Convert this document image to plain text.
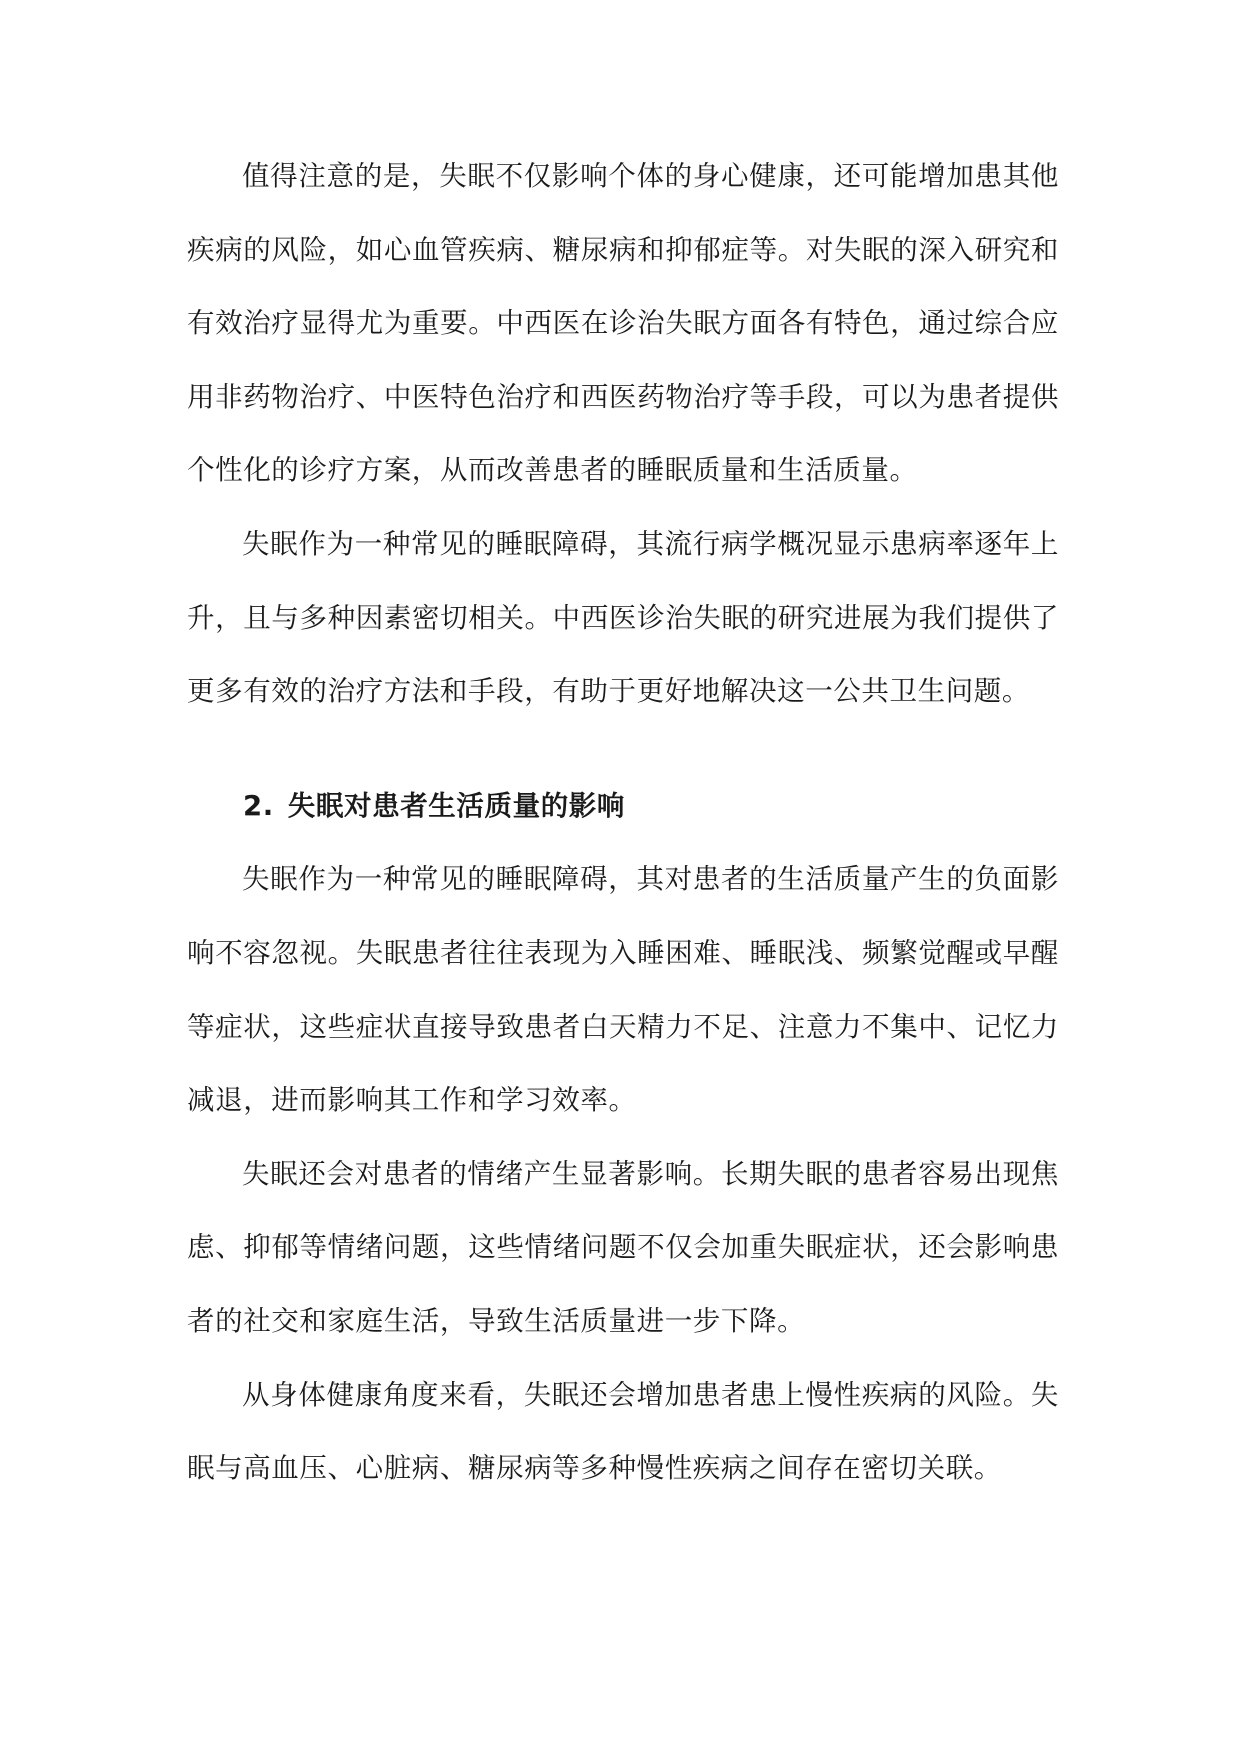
值得注意的是，失眠不仅影响个体的身心健康，还可能增加患其他疾病的风险，如心血管疾病、糖尿病和抑郁症等。对失眠的深入研究和有效治疗显得尤为重要。中西医在诊治失眠方面各有特色，通过综合应用非药物治疗、中医特色治疗和西医药物治疗等手段，可以为患者提供个性化的诊疗方案，从而改善患者的睡眠质量和生活质量。

失眠作为一种常见的睡眠障碍，其流行病学概况显示患病率逐年上升，且与多种因素密切相关。中西医诊治失眠的研究进展为我们提供了更多有效的治疗方法和手段，有助于更好地解决这一公共卫生问题。

2. 失眠对患者生活质量的影响

失眠作为一种常见的睡眠障碍，其对患者的生活质量产生的负面影响不容忽视。失眠患者往往表现为入睡困难、睡眠浅、频繁觉醒或早醒等症状，这些症状直接导致患者白天精力不足、注意力不集中、记忆力减退，进而影响其工作和学习效率。

失眠还会对患者的情绪产生显著影响。长期失眠的患者容易出现焦虑、抑郁等情绪问题，这些情绪问题不仅会加重失眠症状，还会影响患者的社交和家庭生活，导致生活质量进一步下降。

从身体健康角度来看，失眠还会增加患者患上慢性疾病的风险。失眠与高血压、心脏病、糖尿病等多种慢性疾病之间存在密切关联。
